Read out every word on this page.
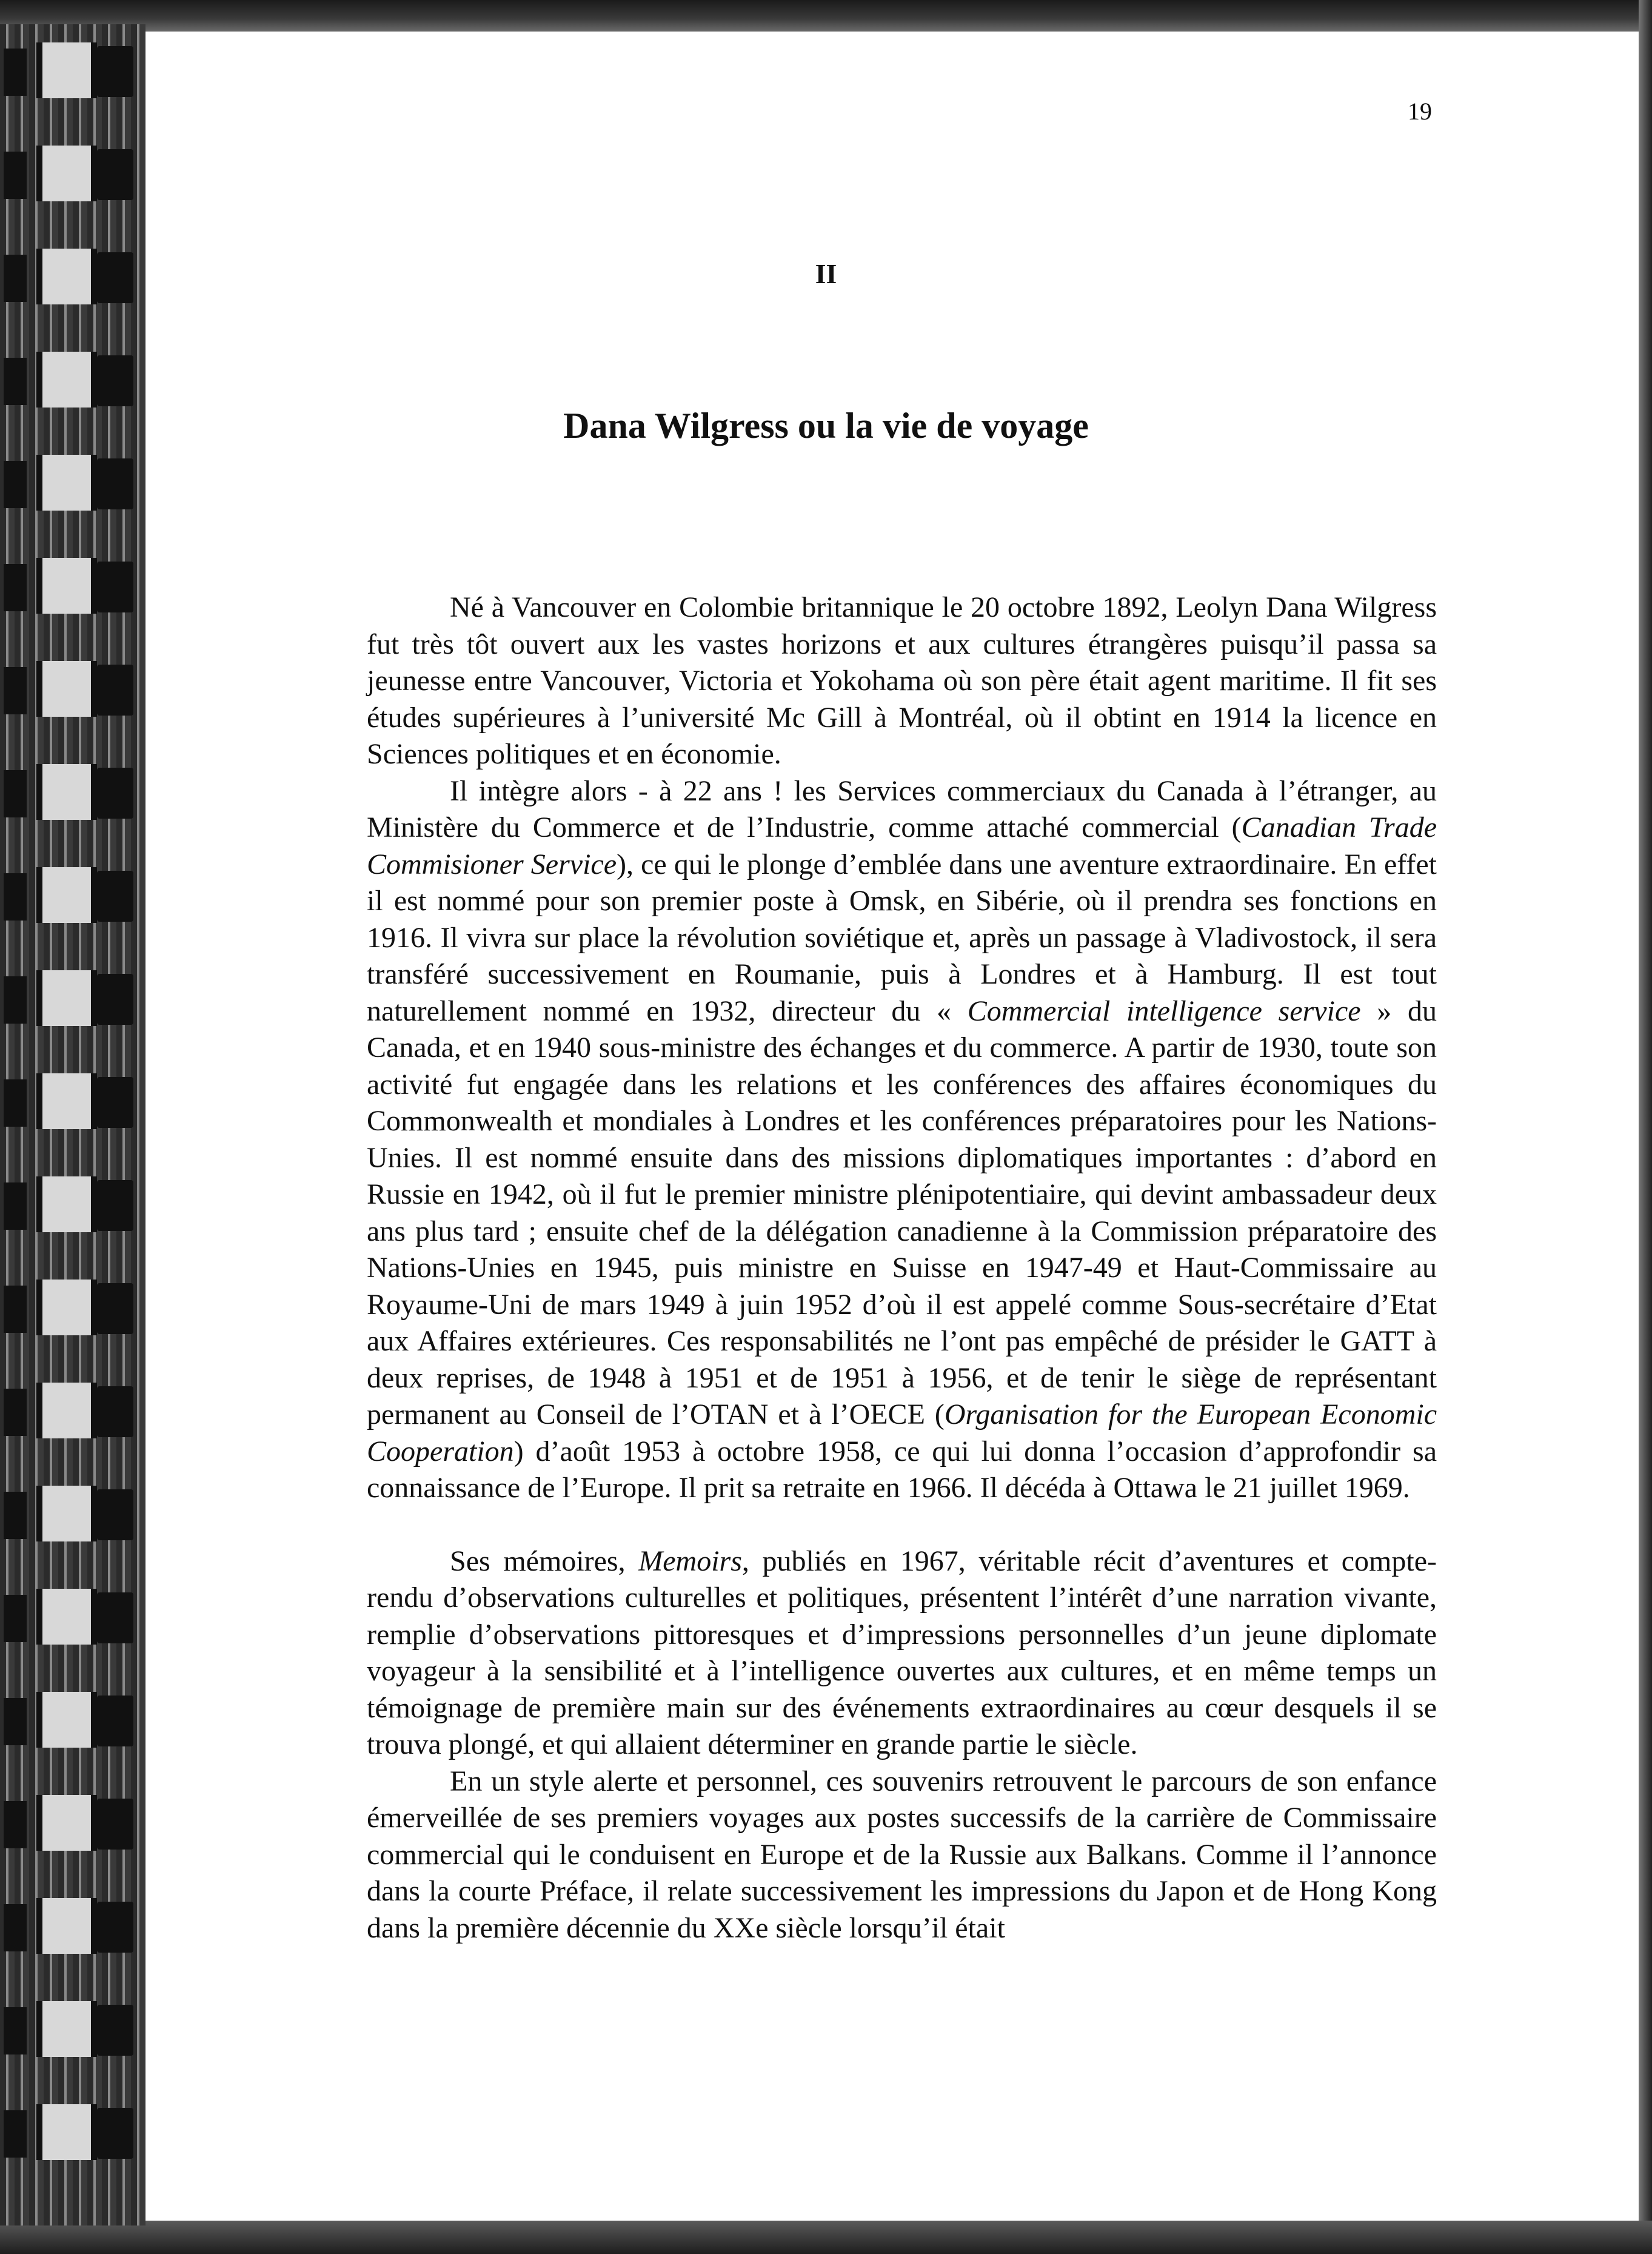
19
II
Dana Wilgress ou la vie de voyage

Né à Vancouver en Colombie britannique le 20 octobre 1892, Leolyn Dana Wilgress fut très tôt ouvert aux les vastes horizons et aux cultures étrangères puisqu’il passa sa jeunesse entre Vancouver, Victoria et Yokohama où son père était agent maritime. Il fit ses études supérieures à l’université Mc Gill à Montréal, où il obtint en 1914 la licence en Sciences politiques et en économie.

Il intègre alors - à 22 ans ! les Services commerciaux du Canada à l’étranger, au Ministère du Commerce et de l’Industrie, comme attaché commercial (Canadian Trade Commisioner Service), ce qui le plonge d’emblée dans une aventure extraordinaire. En effet il est nommé pour son premier poste à Omsk, en Sibérie, où il prendra ses fonctions en 1916. Il vivra sur place la révolution soviétique et, après un passage à Vladivostock, il sera transféré successivement en Roumanie, puis à Londres et à Hamburg. Il est tout naturellement nommé en 1932, directeur du « Commercial intelligence service » du Canada, et en 1940 sous-ministre des échanges et du commerce. A partir de 1930, toute son activité fut engagée dans les relations et les conférences des affaires économiques du Commonwealth et mondiales à Londres et les conférences préparatoires pour les Nations-Unies. Il est nommé ensuite dans des missions diplomatiques importantes : d’abord en Russie en 1942, où il fut le premier ministre plénipotentiaire, qui devint ambassadeur deux ans plus tard ; ensuite chef de la délégation canadienne à la Commission préparatoire des Nations-Unies en 1945, puis ministre en Suisse en 1947-49 et Haut-Commissaire au Royaume-Uni de mars 1949 à juin 1952 d’où il est appelé comme Sous-secrétaire d’Etat aux Affaires extérieures. Ces responsabilités ne l’ont pas empêché de présider le GATT à deux reprises, de 1948 à 1951 et de 1951 à 1956, et de tenir le siège de représentant permanent au Conseil de l’OTAN et à l’OECE (Organisation for the European Economic Cooperation) d’août 1953 à octobre 1958, ce qui lui donna l’occasion d’approfondir sa connaissance de l’Europe. Il prit sa retraite en 1966. Il décéda à Ottawa le 21 juillet 1969.

Ses mémoires, Memoirs, publiés en 1967, véritable récit d’aventures et compte-rendu d’observations culturelles et politiques, présentent l’intérêt d’une narration vivante, remplie d’observations pittoresques et d’impressions personnelles d’un jeune diplomate voyageur à la sensibilité et à l’intelligence ouvertes aux cultures, et en même temps un témoignage de première main sur des événements extraordinaires au cœur desquels il se trouva plongé, et qui allaient déterminer en grande partie le siècle.

En un style alerte et personnel, ces souvenirs retrouvent le parcours de son enfance émerveillée de ses premiers voyages aux postes successifs de la carrière de Commissaire commercial qui le conduisent en Europe et de la Russie aux Balkans. Comme il l’annonce dans la courte Préface, il relate successivement les impressions du Japon et de Hong Kong dans la première décennie du XXe siècle lorsqu’il était
